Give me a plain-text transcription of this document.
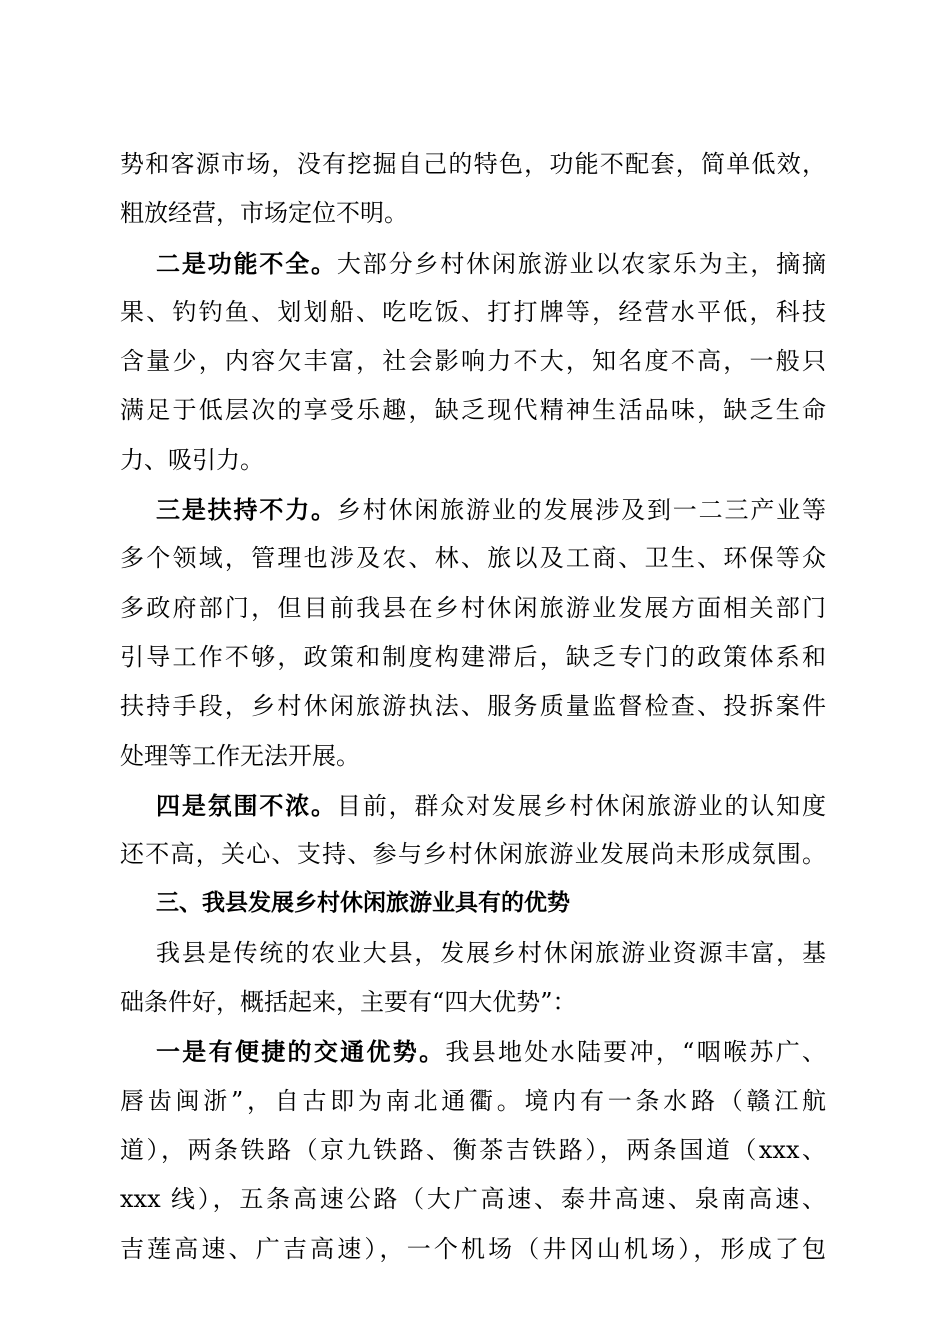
势和客源市场，没有挖掘自己的特色，功能不配套，简单低效，
粗放经营，市场定位不明。
二是功能不全。大部分乡村休闲旅游业以农家乐为主，摘摘
果、钓钓鱼、划划船、吃吃饭、打打牌等，经营水平低，科技
含量少，内容欠丰富，社会影响力不大，知名度不高，一般只
满足于低层次的享受乐趣，缺乏现代精神生活品味，缺乏生命
力、吸引力。
三是扶持不力。乡村休闲旅游业的发展涉及到一二三产业等
多个领域，管理也涉及农、林、旅以及工商、卫生、环保等众
多政府部门，但目前我县在乡村休闲旅游业发展方面相关部门
引导工作不够，政策和制度构建滞后，缺乏专门的政策体系和
扶持手段，乡村休闲旅游执法、服务质量监督检查、投拆案件
处理等工作无法开展。
四是氛围不浓。目前，群众对发展乡村休闲旅游业的认知度
还不高，关心、支持、参与乡村休闲旅游业发展尚未形成氛围。
三、我县发展乡村休闲旅游业具有的优势
我县是传统的农业大县，发展乡村休闲旅游业资源丰富，基
础条件好，概括起来，主要有“四大优势”：
一是有便捷的交通优势。我县地处水陆要冲，“咽喉苏广、
唇齿闽浙”，自古即为南北通衢。境内有一条水路（赣江航
道），两条铁路（京九铁路、衡茶吉铁路），两条国道（xxx、
xxx 线），五条高速公路（大广高速、泰井高速、泉南高速、
吉莲高速、广吉高速），一个机场（井冈山机场），形成了包
